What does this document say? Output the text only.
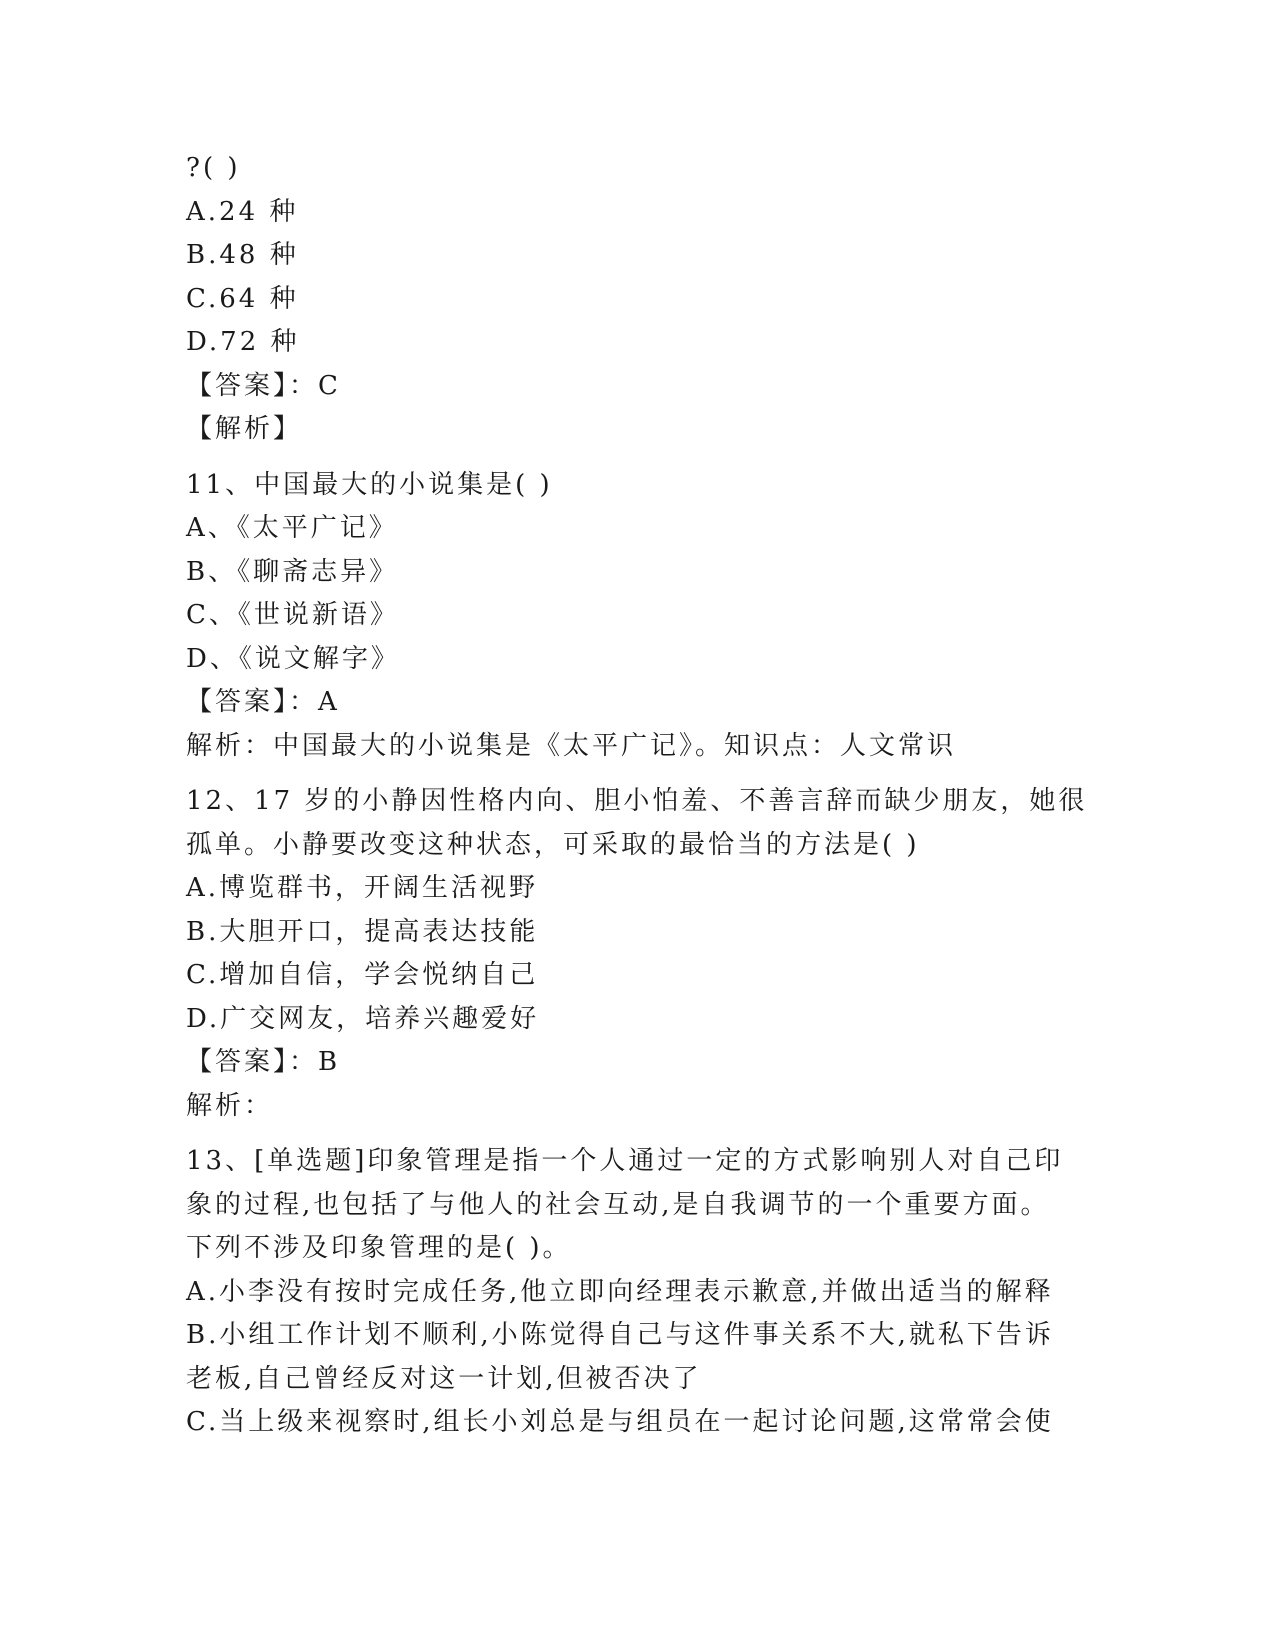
?( )
A.24 种
B.48 种
C.64 种
D.72 种
【答案】：C
【解析】
11、中国最大的小说集是( )
A、《太平广记》
B、《聊斋志异》
C、《世说新语》
D、《说文解字》
【答案】：A
解析：中国最大的小说集是《太平广记》。知识点：人文常识
12、17 岁的小静因性格内向、胆小怕羞、不善言辞而缺少朋友，她很
孤单。小静要改变这种状态，可采取的最恰当的方法是( )
A.博览群书，开阔生活视野
B.大胆开口，提高表达技能
C.增加自信，学会悦纳自己
D.广交网友，培养兴趣爱好
【答案】：B
解析：
13、[单选题]印象管理是指一个人通过一定的方式影响别人对自己印
象的过程,也包括了与他人的社会互动,是自我调节的一个重要方面。
下列不涉及印象管理的是( )。
A.小李没有按时完成任务,他立即向经理表示歉意,并做出适当的解释
B.小组工作计划不顺利,小陈觉得自己与这件事关系不大,就私下告诉
老板,自己曾经反对这一计划,但被否决了
C.当上级来视察时,组长小刘总是与组员在一起讨论问题,这常常会使
